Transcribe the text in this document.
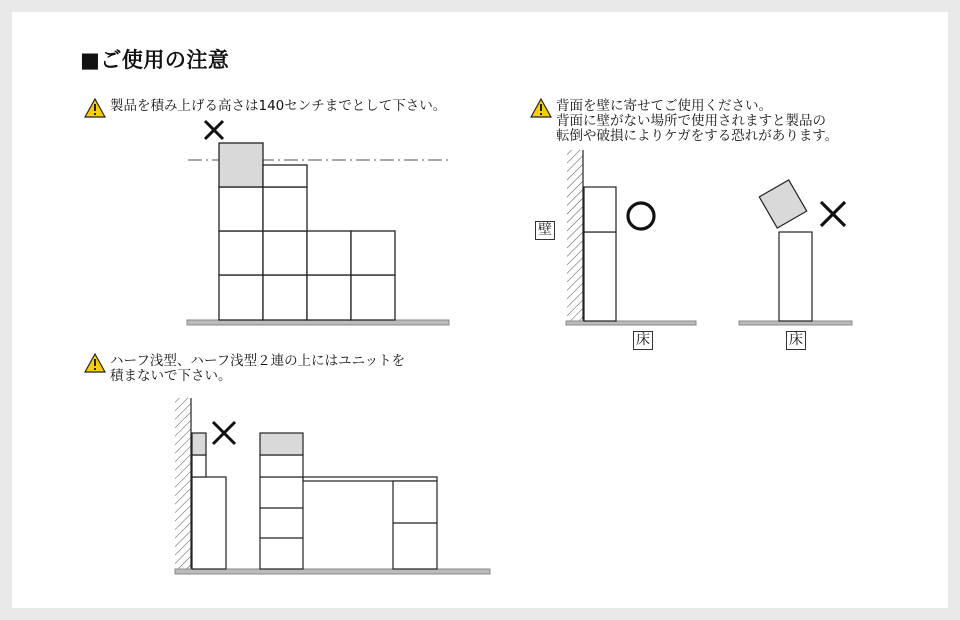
■ご使用の注意
製品を積み上げる高さは140センチまでとして下さい。	背面を壁に寄せてご使用ください。
背面に壁がない場所で使用されますと製品の
転倒や破損によりケガをする恐れがあります。
ハーフ浅型、ハーフ浅型２連の上にはユニットを
積まないで下さい。
壁
床	床
